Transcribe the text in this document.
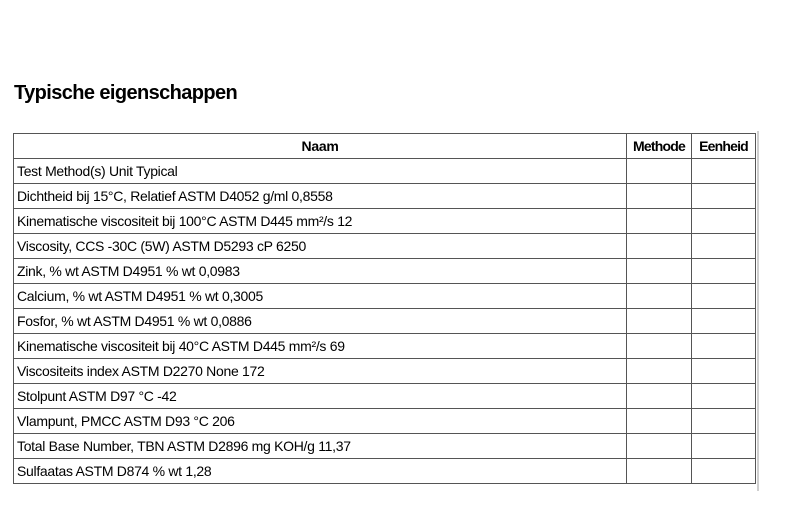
Typische eigenschappen
Naam	Methode	Eenheid
Test Method(s) Unit Typical		
Dichtheid bij 15°C, Relatief ASTM D4052 g/ml 0,8558		
Kinematische viscositeit bij 100°C ASTM D445 mm²/s 12		
Viscosity, CCS -30C (5W) ASTM D5293 cP 6250		
Zink, % wt ASTM D4951 % wt 0,0983		
Calcium, % wt ASTM D4951 % wt 0,3005		
Fosfor, % wt ASTM D4951 % wt 0,0886		
Kinematische viscositeit bij 40°C ASTM D445 mm²/s 69		
Viscositeits index ASTM D2270 None 172		
Stolpunt ASTM D97 °C -42		
Vlampunt, PMCC ASTM D93 °C 206		
Total Base Number, TBN ASTM D2896 mg KOH/g 11,37		
Sulfaatas ASTM D874 % wt 1,28		
